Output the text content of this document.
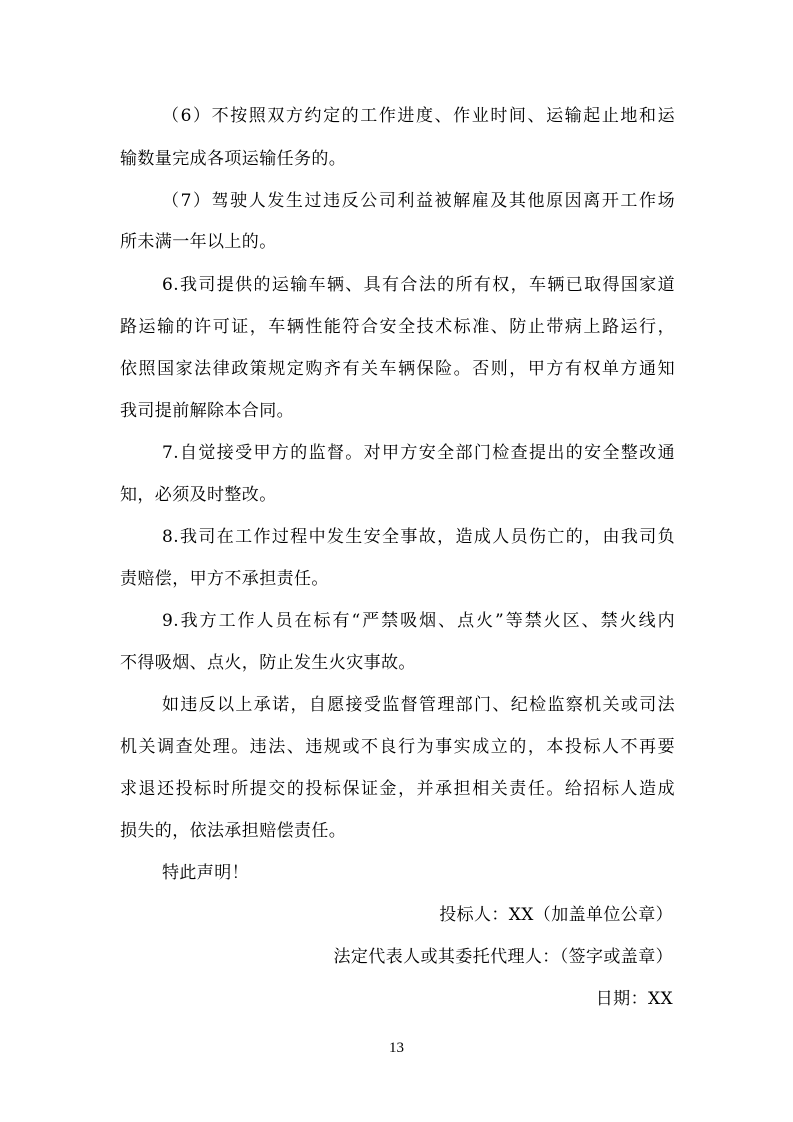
（6）不按照双方约定的工作进度、作业时间、运输起止地和运
输数量完成各项运输任务的。
（7）驾驶人发生过违反公司利益被解雇及其他原因离开工作场
所未满一年以上的。
6.我司提供的运输车辆、具有合法的所有权，车辆已取得国家道
路运输的许可证，车辆性能符合安全技术标准、防止带病上路运行，
依照国家法律政策规定购齐有关车辆保险。否则，甲方有权单方通知
我司提前解除本合同。
7.自觉接受甲方的监督。对甲方安全部门检查提出的安全整改通
知，必须及时整改。
8.我司在工作过程中发生安全事故，造成人员伤亡的，由我司负
责赔偿，甲方不承担责任。
9.我方工作人员在标有“严禁吸烟、点火”等禁火区、禁火线内
不得吸烟、点火，防止发生火灾事故。
如违反以上承诺，自愿接受监督管理部门、纪检监察机关或司法
机关调查处理。违法、违规或不良行为事实成立的，本投标人不再要
求退还投标时所提交的投标保证金，并承担相关责任。给招标人造成
损失的，依法承担赔偿责任。
特此声明！
投标人：XX（加盖单位公章）
法定代表人或其委托代理人：（签字或盖章）
日期：XX
13
